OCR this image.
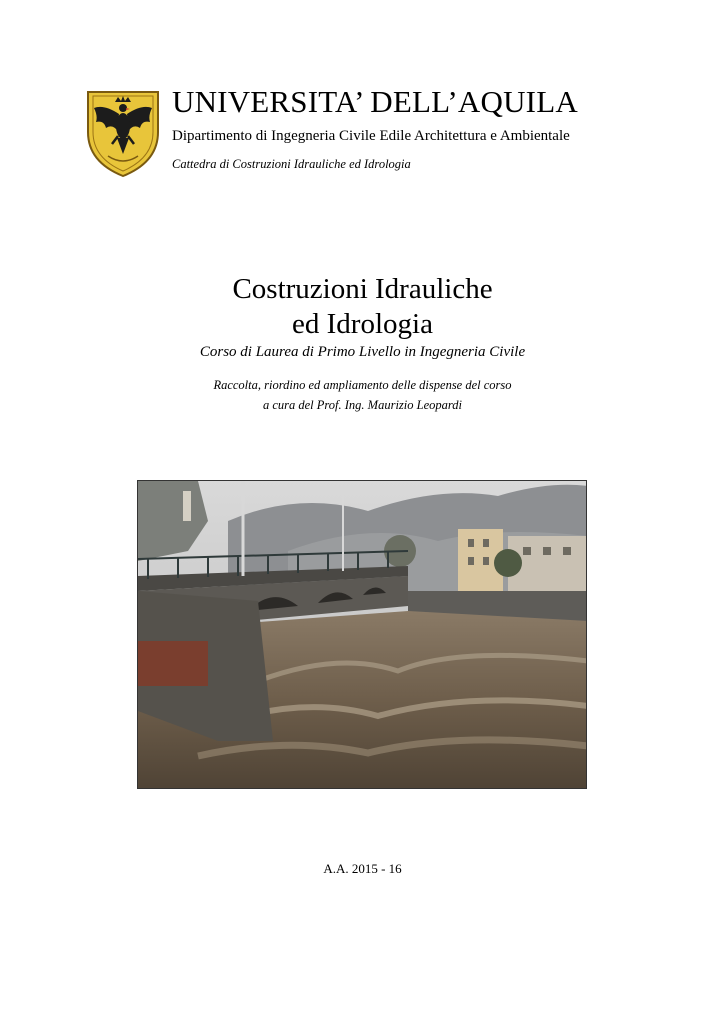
UNIVERSITA’ DELL’AQUILA
Dipartimento di Ingegneria Civile Edile Architettura e Ambientale
Cattedra di Costruzioni Idrauliche ed Idrologia
Costruzioni Idrauliche
ed Idrologia
Corso di Laurea di Primo Livello in Ingegneria Civile
Raccolta, riordino ed ampliamento delle dispense del corso
a cura del Prof. Ing. Maurizio Leopardi
A.A. 2015 - 16
